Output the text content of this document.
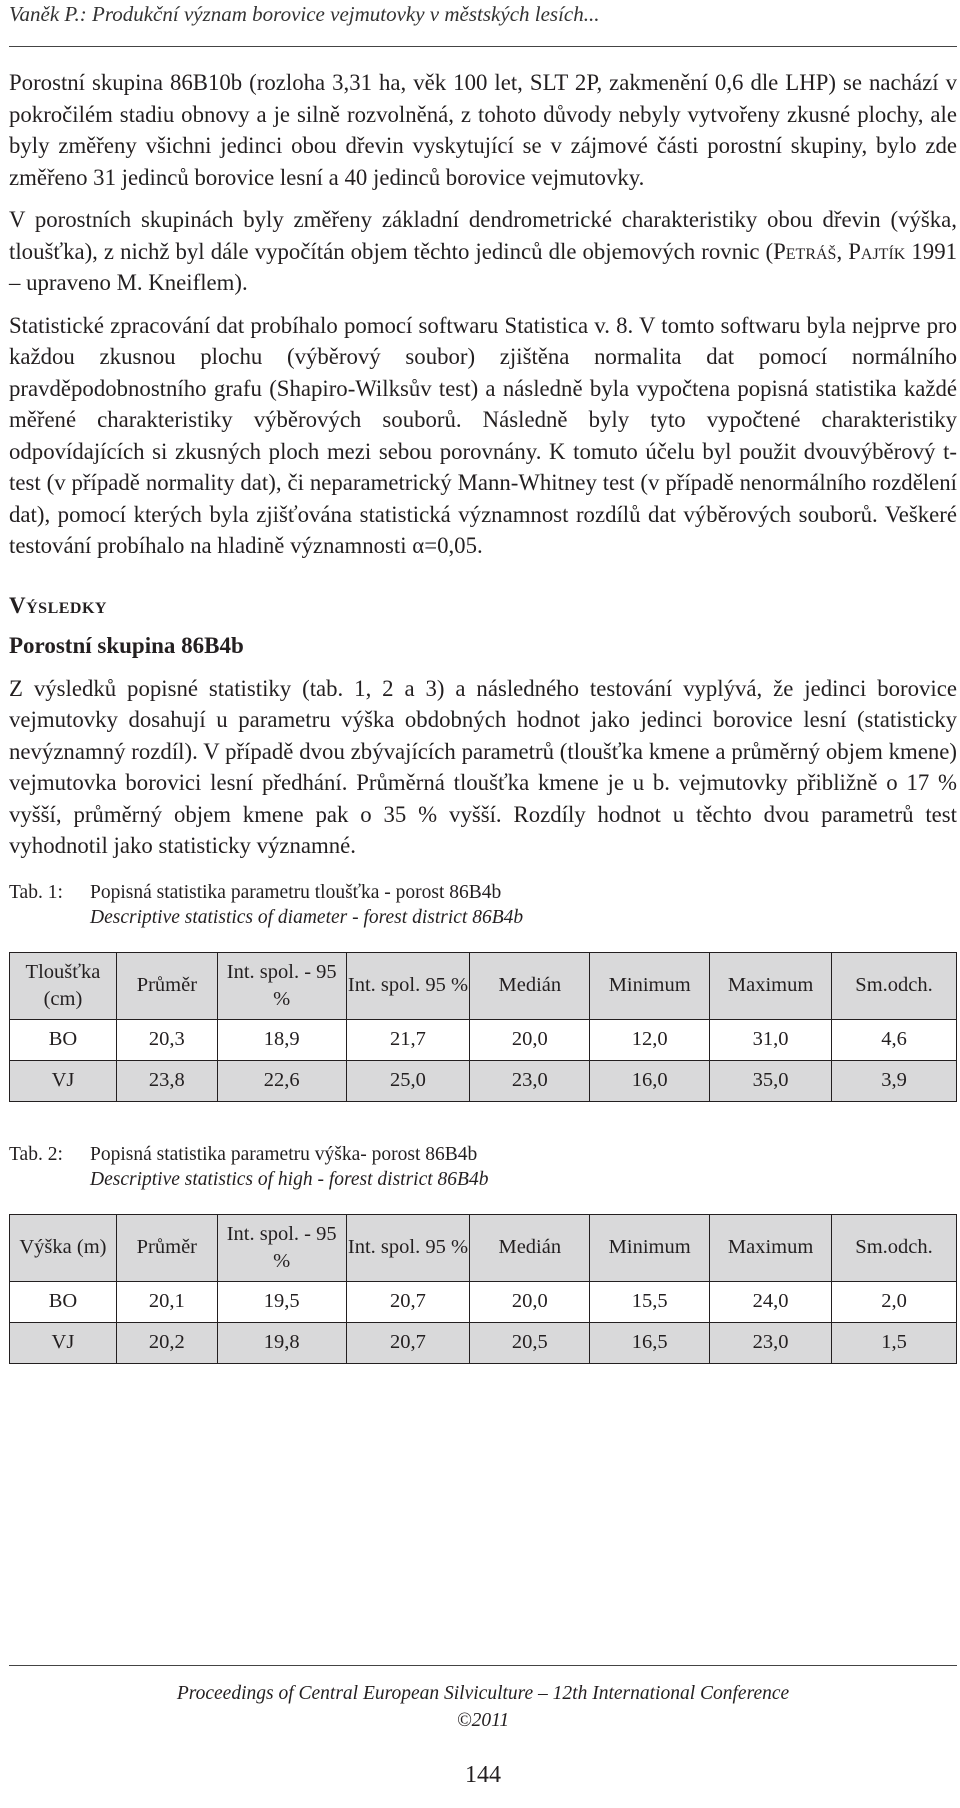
Vaněk P.: Produkční význam borovice vejmutovky v městských lesích...

Porostní skupina 86B10b (rozloha 3,31 ha, věk 100 let, SLT 2P, zakmenění 0,6 dle LHP) se nachází v pokročilém stadiu obnovy a je silně rozvolněná, z tohoto důvody nebyly vytvořeny zkusné plochy, ale byly změřeny všichni jedinci obou dřevin vyskytující se v zájmové části porostní skupiny, bylo zde změřeno 31 jedinců borovice lesní a 40 jedinců borovice vejmutovky.

V porostních skupinách byly změřeny základní dendrometrické charakteristiky obou dřevin (výška, tloušťka), z nichž byl dále vypočítán objem těchto jedinců dle objemových rovnic (Petráš, Pajtík 1991 – upraveno M. Kneiflem).

Statistické zpracování dat probíhalo pomocí softwaru Statistica v. 8. V tomto softwaru byla nejprve pro každou zkusnou plochu (výběrový soubor) zjištěna normalita dat pomocí normálního pravděpodobnostního grafu (Shapiro-Wilksův test) a následně byla vypočtena popisná statistika každé měřené charakteristiky výběrových souborů. Následně byly tyto vypočtené charakteristiky odpovídajících si zkusných ploch mezi sebou porovnány. K tomuto účelu byl použit dvouvýběrový t-test (v případě normality dat), či neparametrický Mann-Whitney test (v případě nenormálního rozdělení dat), pomocí kterých byla zjišťována statistická významnost rozdílů dat výběrových souborů. Veškeré testování probíhalo na hladině významnosti α=0,05.

Výsledky
Porostní skupina 86B4b

Z výsledků popisné statistiky (tab. 1, 2 a 3) a následného testování vyplývá, že jedinci borovice vejmutovky dosahují u parametru výška obdobných hodnot jako jedinci borovice lesní (statisticky nevýznamný rozdíl). V případě dvou zbývajících parametrů (tloušťka kmene a průměrný objem kmene) vejmutovka borovici lesní předhání. Průměrná tloušťka kmene je u b. vejmutovky přibližně o 17 % vyšší, průměrný objem kmene pak o 35 % vyšší. Rozdíly hodnot u těchto dvou parametrů test vyhodnotil jako statisticky významné.

Tab. 1:	Popisná statistika parametru tloušťka - porost 86B4b
Descriptive statistics of diameter - forest district 86B4b
Tloušťka (cm)	Průměr	Int. spol. - 95 %	Int. spol. 95 %	Medián	Minimum	Maximum	Sm.odch.
BO	20,3	18,9	21,7	20,0	12,0	31,0	4,6
VJ	23,8	22,6	25,0	23,0	16,0	35,0	3,9
Tab. 2:	Popisná statistika parametru výška- porost 86B4b
Descriptive statistics of high - forest district 86B4b
Výška (m)	Průměr	Int. spol. - 95 %	Int. spol. 95 %	Medián	Minimum	Maximum	Sm.odch.
BO	20,1	19,5	20,7	20,0	15,5	24,0	2,0
VJ	20,2	19,8	20,7	20,5	16,5	23,0	1,5
Proceedings of Central European Silviculture – 12th International Conference
©2011
144
